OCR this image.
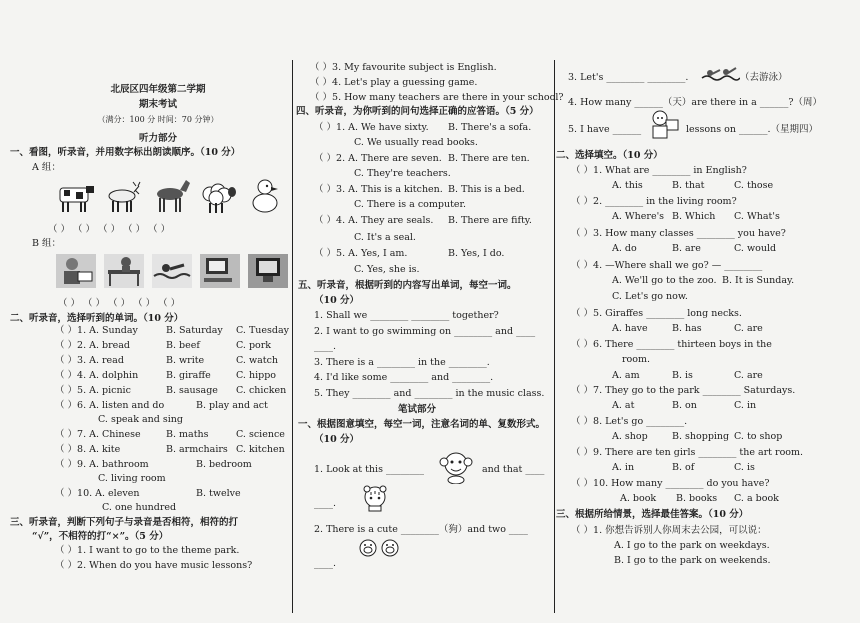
北辰区四年级第二学期
期末考试
（满分：100 分 时间：70 分钟）
听力部分
一、看图，听录音，并用数字标出朗读顺序。（10 分）
A 组：
（ ） （ ） （ ） （ ） （ ）
B 组：
（ ） （ ） （ ） （ ） （ ）
二、听录音，选择听到的单词。（10 分）
（ ）1. A. Sunday	B. Saturday C. Tuesday
（ ）2. A. bread	B. beef	C. pork
（ ）3. A. read	B. write	C. watch
（ ）4. A. dolphin	B. giraffe	C. hippo
（ ）5. A. picnic	B. sausage C. chicken
（ ）6. A. listen and do	B. play and act
C. speak and sing
（ ）7. A. Chinese	B. maths	C. science
（ ）8. A. kite	B. armchairs C. kitchen
（ ）9. A. bathroom	B. bedroom
C. living room
（ ）10. A. eleven	B. twelve
C. one hundred
三、听录音，判断下列句子与录音是否相符，相符的打
“√”，不相符的打“×”。（5 分）
（ ）1. I want to go to the theme park.
（ ）2. When do you have music lessons?
（ ）3. My favourite subject is English.
（ ）4. Let's play a guessing game.
（ ）5. How many teachers are there in your school?
四、听录音，为你听到的问句选择正确的应答语。（5 分）
（ ）1. A. We have sixty. B. There's a sofa.
C. We usually read books.
（ ）2. A. There are seven. B. There are ten.
C. They're teachers.
（ ）3. A. This is a kitchen. B. This is a bed.
C. There is a computer.
（ ）4. A. They are seals. B. There are fifty.
C. It's a seal.
（ ）5. A. Yes, I am.	B. Yes, I do.
C. Yes, she is.
五、听录音，根据听到的内容写出单词，每空一词。
（10 分）
1. Shall we ________ ________ together?
2. I want to go swimming on ________ and ____
____.
3. There is a ________ in the ________.
4. I'd like some ________ and ________.
5. They ________ and ________ in the music class.
笔试部分
一、根据图意填空，每空一词，注意名词的单、复数形式。
（10 分）
1. Look at this ________	and that ____
____.
2. There is a cute ________（狗）and two ____
____.
3. Let's ________ ________.	（去游泳）
4. How many ______（天）are there in a ______?（周）
5. I have ______	lessons on ______.（星期四）
二、选择填空。（10 分）
（ ）1. What are ________ in English?
A. this	B. that	C. those
（ ）2. ________ in the living room?
A. Where's B. Which C. What's
（ ）3. How many classes ________ you have?
A. do	B. are	C. would
（ ）4. —Where shall we go? — ________
A. We'll go to the zoo. B. It is Sunday.
C. Let's go now.
（ ）5. Giraffes ________ long necks.
A. have	B. has	C. are
（ ）6. There ________ thirteen boys in the
room.
A. am	B. is	C. are
（ ）7. They go to the park ________ Saturdays.
A. at	B. on	C. in
（ ）8. Let's go ________.
A. shop	B. shopping C. to shop
（ ）9. There are ten girls ________ the art room.
A. in	B. of	C. is
（ ）10. How many ________ do you have?
A. book B. books C. a book
三、根据所给情景，选择最佳答案。（10 分）
（ ）1. 你想告诉别人你周末去公园，可以说：
A. I go to the park on weekdays.
B. I go to the park on weekends.
